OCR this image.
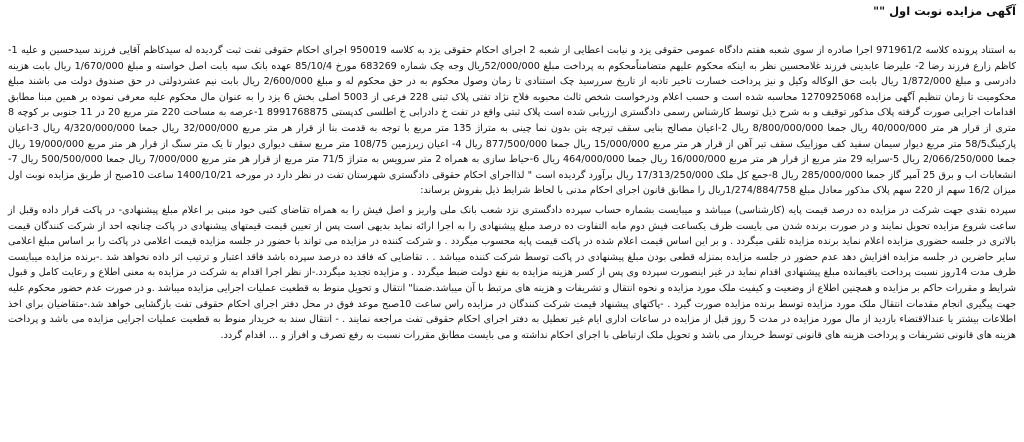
آگهی مزایده نوبت اول ""

به استناد پرونده کلاسه 971961/2 اجرا صادره از سوی شعبه هفتم دادگاه عمومی حقوقی یزد و نیابت اعطایی از شعبه 2 اجرای احکام حقوقی یزد به کلاسه 950019 اجرای احکام حقوقی تفت ثبت گردیده له سیدکاظم آقایی فرزند سیدحسین و علیه 1- کاظم زارع فرزند رضا 2- علیرضا عابدینی فرزند غلامحسین نظر به اینکه محکوم علیهم متضامناًمحکوم به پرداخت مبلغ 52/000/000ریال وجه چک شماره 683269 مورخ 85/10/4 عهده بانک سپه بابت اصل خواسته و مبلغ 1/670/000 ریال بابت هزینه دادرسی و مبلغ 1/872/000 ریال بابت حق الوکاله وکیل و نیز پرداخت خسارت تاخیر تادیه از تاریخ سررسید چک استنادی تا زمان وصول محکوم به در حق محکوم له و مبلغ 2/600/000 ریال بابت نیم عشردولتی در حق صندوق دولت می باشند مبلغ محکومیت تا زمان تنظیم آگهی مزایده 1270925068 محاسبه شده است و حسب اعلام ودرخواست شخص ثالث محبوبه فلاح نژاد تفتی پلاک ثبتی 228 فرعی از 5003 اصلی بخش 6 یزد را به عنوان مال محکوم علیه معرفی نموده بر همین مبنا مطابق اقدامات اجرایی صورت گرفته پلاک مذکور توقیف و به شرح ذیل توسط کارشناس رسمی دادگستری ارزیابی شده است پلاک ثبتی واقع در تفت خ دادرابی خ اطلسی کدپستی 8991768875 1-عرصه به مساحت 220 متر مربع 20 در 11 جنوبی بر کوچه 8 متری از قرار هر متر 40/000/000 ریال جمعا 8/800/000/000 ریال 2-اعیان مصالح بنایی سقف تیرچه بتن بدون نما چینی به متراژ 135 متر مربع با توجه به قدمت بنا از قرار هر متر مربع 32/000/000 ریال جمعا 4/320/000/000 ریال 3-اعیان پارکینگ58/5 متر مربع دیوار سیمان سفید کف موزاییک سقف تیر آهن از قرار هر متر مربع 15/000/000 ریال جمعا 877/500/000 ریال 4- اعیان زیرزمین 108/75 متر مربع سقف دیواری دیوار تا یک متر سنگ از قرار هر متر مربع 19/000/000 ریال جمعا 2/066/250/000 ریال 5-سرایه 29 متر مربع از قرار هر متر مربع 16/000/000 ریال جمعا 464/000/000 ریال 6-حیاط سازی به همراه 2 متر سرویس به متراژ 71/5 متر مربع از قرار هر متر مربع 7/000/000 ریال جمعا 500/500/000 ریال 7-انشعابات اب و برق 25 آمپر گاز جمعا 285/000/000 ریال 8-جمع کل ملک 17/313/250/000 ریال برآورد گردیده است " لذااجرای احکام حقوقی دادگستری شهرستان تفت در نظر دارد در مورخه 1400/10/21 ساعت 10صبح از طریق مزایده نوبت اول میزان 16/2 سهم از 220 سهم پلاک مذکور معادل مبلغ 1/274/884/758ریال را مطابق قانون اجرای احکام مدنی با لحاظ شرایط ذیل بفروش برساند:

سپرده نقدی جهت شرکت در مزایده ده درصد قیمت پایه (کارشناسی) میباشد و میبایست بشماره حساب سپرده دادگستری نزد شعب بانک ملی واریز و اصل فیش را به همراه تقاضای کتبی خود مبنی بر اعلام مبلغ پیشنهادی- در پاکت قرار داده وقبل از ساعت شروع مزایده تحویل نمایند و در صورت برنده شدن می بایست ظرف یکساعت فیش دوم مابه التفاوت ده درصد مبلغ پیشنهادی را به اجرا ارائه نماید بدیهی است پس از تعیین قیمت قیمتهای پیشنهادی در پاکت چنانچه احد از شرکت کنندگان قیمت بالاتری در جلسه حضوری مزایده اعلام نماید برنده مزایده تلقی میگردد . و بر این اساس قیمت اعلام شده در پاکت قیمت پایه محسوب میگردد . و شرکت کننده در مزایده می تواند با حضور در جلسه مزایده قیمت اعلامی در پاکت را بر اساس مبلغ اعلامی سایر حاضرین در جلسه مزایده افزایش دهد عدم حضور در جلسه مزایده بمنزله قطعی بودن مبلغ پیشنهادی در پاکت توسط شرکت کننده میباشد . . تقاضایی که فاقد ده درصد سپرده باشد فاقد اعتبار و ترتیب اثر داده نخواهد شد .-برنده مزایده میبایست ظرف مدت 14روز نسبت پرداخت باقیمانده مبلغ پیشنهادی اقدام نماید در غیر اینصورت سپرده وی پس از کسر هزینه مزایده به نفع دولت ضبط میگردد . و مزایده تجدید میگردد.-از نظر اجرا اقدام به شرکت در مزایده به معنی اطلاع و رعایت کامل و قبول شرایط و مقررات حاکم بر مزایده و همچنین اطلاع از وضعیت و کیفیت ملک مورد مزایده و نحوه انتقال و تشریفات و هزینه های مرتبط با آن میباشد.ضمنا" انتقال و تحویل منوط به قطعیت عملیات اجرایی مزایده میباشد .و در صورت عدم حضور محکوم علیه جهت پیگیری انجام مقدمات انتقال ملک مورد مزایده توسط برنده مزایده صورت گیرد . -پاکتهای پیشنهاد قیمت شرکت کنندگان در مزایده راس ساعت 10صبح موعد فوق در محل دفتر اجرای احکام حقوقی تفت بازگشایی خواهد شد.-متقاضیان برای اخذ اطلاعات بیشتر یا عندالاقتضاء بازدید از مال مورد مزایده در مدت 5 روز قبل از مزایده در ساعات اداری ایام غیر تعطیل به دفتر اجرای احکام حقوقی تفت مراجعه نمایند . - انتقال سند به خریدار منوط به قطعیت عملیات اجرایی مزایده می باشد و پرداخت هزینه های قانونی تشریفات و پرداخت هزینه های قانونی توسط خریدار می باشد و تحویل ملک ارتباطی با اجرای احکام نداشته و می بایست مطابق مقررات نسبت به رفع تصرف و افراز و ... اقدام گردد.
